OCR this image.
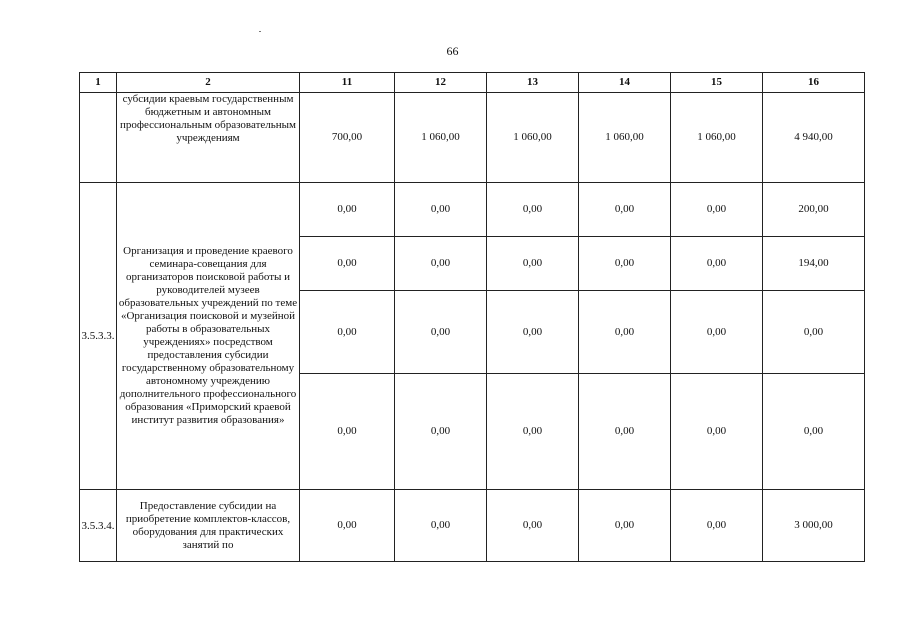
66
1	2	11	12	13	14	15	16
	субсидии краевым государственным бюджетным и автономным профессиональным образовательным учреждениям	700,00	1 060,00	1 060,00	1 060,00	1 060,00	4 940,00
3.5.3.3.	Организация и проведение краевого семинара-совещания для организаторов поисковой работы и руководителей музеев образовательных учреждений по теме «Организация поисковой и музейной работы в образовательных учреждениях» посредством предоставления субсидии государственному образовательному автономному учреждению дополнительного профессионального образования «Приморский краевой институт развития образования»	0,00	0,00	0,00	0,00	0,00	200,00
		0,00	0,00	0,00	0,00	0,00	194,00
		0,00	0,00	0,00	0,00	0,00	0,00
		0,00	0,00	0,00	0,00	0,00	0,00
3.5.3.4.	Предоставление субсидии на приобретение комплектов-классов, оборудования для практических занятий по	0,00	0,00	0,00	0,00	0,00	3 000,00
